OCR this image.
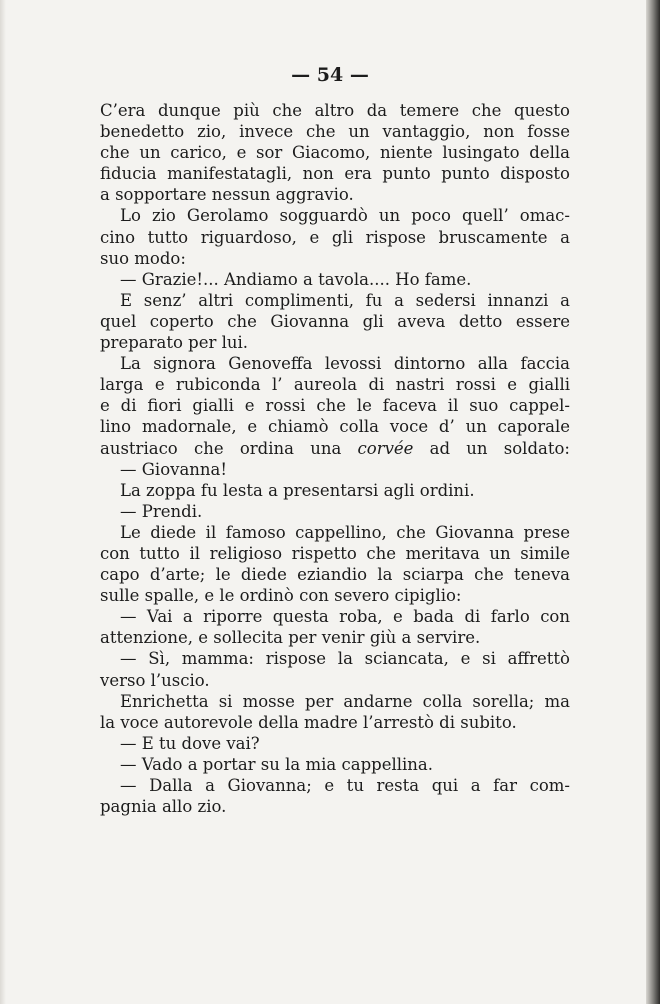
— 54 —
C’era dunque più che altro da temere che questo
benedetto zio, invece che un vantaggio, non fosse
che un carico, e sor Giacomo, niente lusingato della
fiducia manifestatagli, non era punto punto disposto
a sopportare nessun aggravio.
Lo zio Gerolamo sogguardò un poco quell’ omac-
cino tutto riguardoso, e gli rispose bruscamente a
suo modo:
— Grazie!... Andiamo a tavola.... Ho fame.
E senz’ altri complimenti, fu a sedersi innanzi a
quel coperto che Giovanna gli aveva detto essere
preparato per lui.
La signora Genoveffa levossi dintorno alla faccia
larga e rubiconda l’ aureola di nastri rossi e gialli
e di fiori gialli e rossi che le faceva il suo cappel-
lino madornale, e chiamò colla voce d’ un caporale
austriaco che ordina una corvée ad un soldato:
— Giovanna!
La zoppa fu lesta a presentarsi agli ordini.
— Prendi.
Le diede il famoso cappellino, che Giovanna prese
con tutto il religioso rispetto che meritava un simile
capo d’arte; le diede eziandio la sciarpa che teneva
sulle spalle, e le ordinò con severo cipiglio:
— Vai a riporre questa roba, e bada di farlo con
attenzione, e sollecita per venir giù a servire.
— Sì, mamma: rispose la sciancata, e si affrettò
verso l’uscio.
Enrichetta si mosse per andarne colla sorella; ma
la voce autorevole della madre l’arrestò di subito.
— E tu dove vai?
— Vado a portar su la mia cappellina.
— Dalla a Giovanna; e tu resta qui a far com-
pagnia allo zio.
